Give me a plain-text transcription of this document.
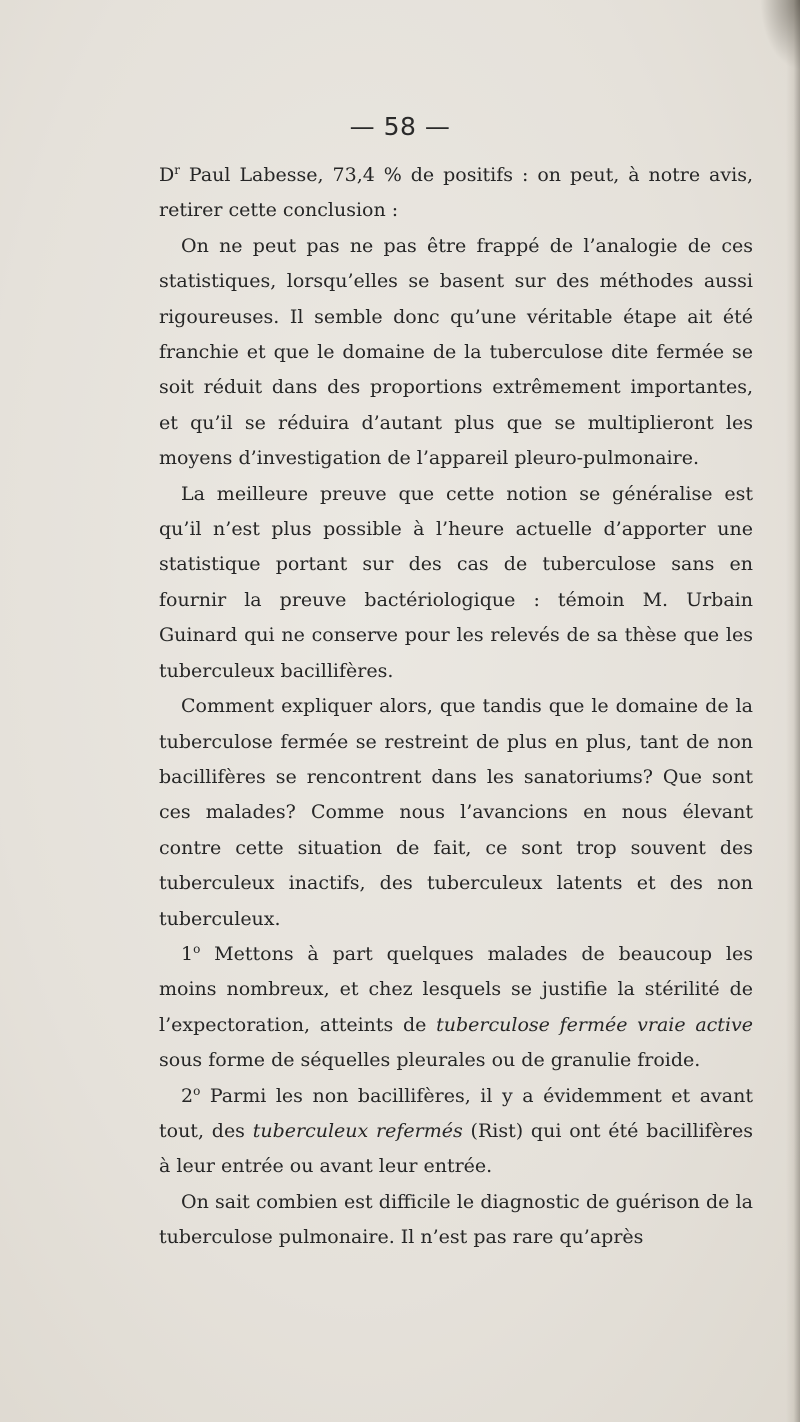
— 58 —

$D^r$ Paul Labesse, 73,4 % de positifs : on peut, à notre avis, retirer cette conclusion :

On ne peut pas ne pas être frappé de l’analogie de ces statistiques, lorsqu’elles se basent sur des méthodes aussi rigoureuses. Il semble donc qu’une véritable étape ait été franchie et que le domaine de la tuberculose dite fermée se soit réduit dans des proportions extrêmement importantes, et qu’il se réduira d’autant plus que se multiplieront les moyens d’investigation de l’appareil pleuro-pulmonaire.

La meilleure preuve que cette notion se généralise est qu’il n’est plus possible à l’heure actuelle d’apporter une statistique portant sur des cas de tuberculose sans en fournir la preuve bactériologique : témoin M. Urbain Guinard qui ne conserve pour les relevés de sa thèse que les tuberculeux bacillifères.

Comment expliquer alors, que tandis que le domaine de la tuberculose fermée se restreint de plus en plus, tant de non bacillifères se rencontrent dans les sanatoriums? Que sont ces malades? Comme nous l’avancions en nous élevant contre cette situation de fait, ce sont trop souvent des tuberculeux inactifs, des tuberculeux latents et des non tuberculeux.

1$^o$ Mettons à part quelques malades de beaucoup les moins nombreux, et chez lesquels se justifie la stérilité de l’expectoration, atteints de tuberculose fermée vraie active sous forme de séquelles pleurales ou de granulie froide.

2$^o$ Parmi les non bacillifères, il y a évidemment et avant tout, des tuberculeux refermés (Rist) qui ont été bacillifères à leur entrée ou avant leur entrée.

On sait combien est difficile le diagnostic de guérison de la tuberculose pulmonaire. Il n’est pas rare qu’après
